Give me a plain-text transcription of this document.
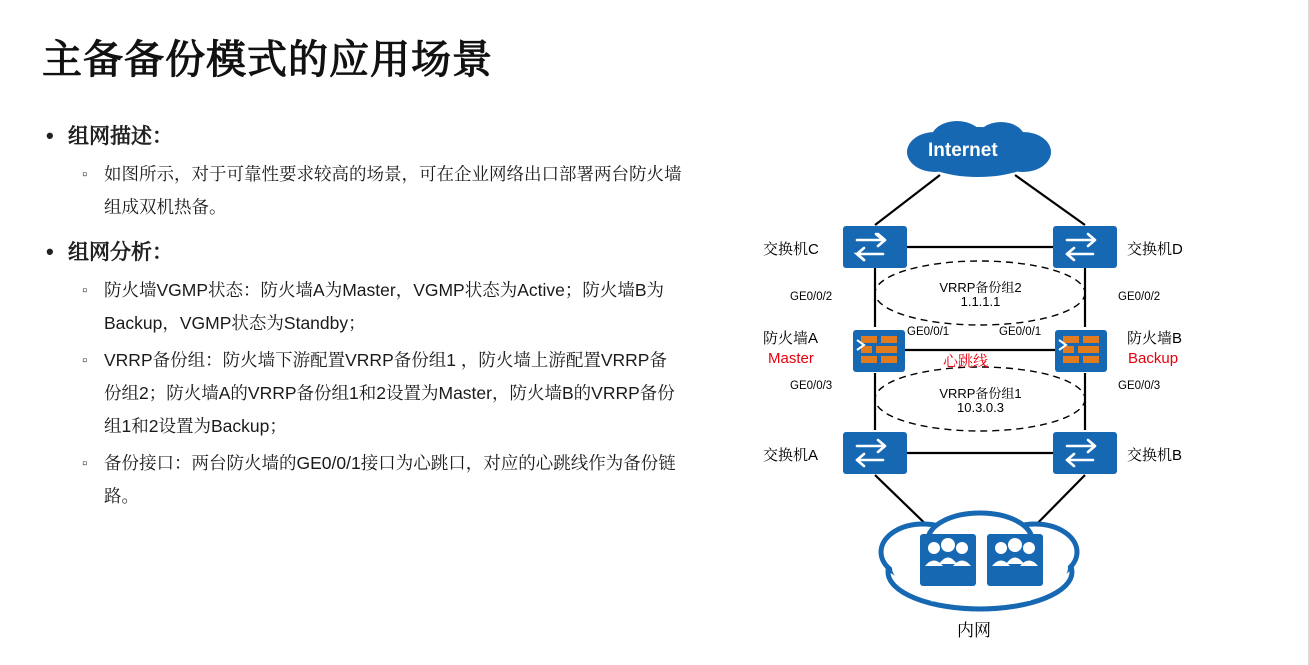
主备备份模式的应用场景
• 组网描述：
▫ 如图所示，对于可靠性要求较高的场景，可在企业网络出口部署两台防火墙组成双机热备。
• 组网分析：
▫ 防火墙VGMP状态：防火墙A为Master，VGMP状态为Active；防火墙B为Backup，VGMP状态为Standby；
▫ VRRP备份组：防火墙下游配置VRRP备份组1 ，防火墙上游配置VRRP备份组2；防火墙A的VRRP备份组1和2设置为Master，防火墙B的VRRP备份组1和2设置为Backup；
▫ 备份接口：两台防火墙的GE0/0/1接口为心跳口，对应的心跳线作为备份链路。
Internet
交换机C	交换机D
交换机A	交换机B
防火墙A
Master
防火墙B
Backup
心跳线
VRRP备份组2
1.1.1.1
VRRP备份组1
10.3.0.3
GE0/0/2	GE0/0/2
GE0/0/1	GE0/0/1
GE0/0/3	GE0/0/3
主机A	主机B
内网
